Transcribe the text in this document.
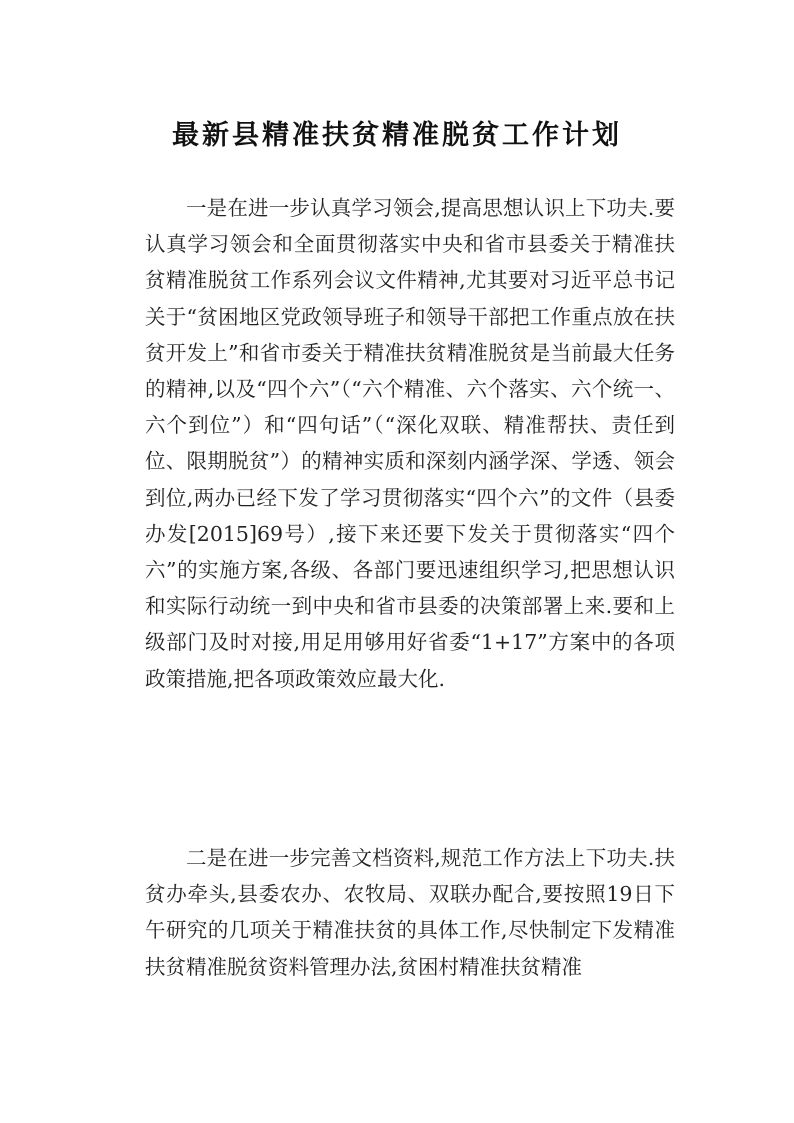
最新县精准扶贫精准脱贫工作计划

一是在进一步认真学习领会,提高思想认识上下功夫.要认真学习领会和全面贯彻落实中央和省市县委关于精准扶贫精准脱贫工作系列会议文件精神,尤其要对习近平总书记关于“贫困地区党政领导班子和领导干部把工作重点放在扶贫开发上”和省市委关于精准扶贫精准脱贫是当前最大任务的精神,以及“四个六”（“六个精准、六个落实、六个统一、六个到位”）和“四句话”（“深化双联、精准帮扶、责任到位、限期脱贫”）的精神实质和深刻内涵学深、学透、领会到位,两办已经下发了学习贯彻落实“四个六”的文件（县委办发[2015]69号）,接下来还要下发关于贯彻落实“四个六”的实施方案,各级、各部门要迅速组织学习,把思想认识和实际行动统一到中央和省市县委的决策部署上来.要和上级部门及时对接,用足用够用好省委“1+17”方案中的各项政策措施,把各项政策效应最大化.

二是在进一步完善文档资料,规范工作方法上下功夫.扶贫办牵头,县委农办、农牧局、双联办配合,要按照19日下午研究的几项关于精准扶贫的具体工作,尽快制定下发精准扶贫精准脱贫资料管理办法,贫困村精准扶贫精准
